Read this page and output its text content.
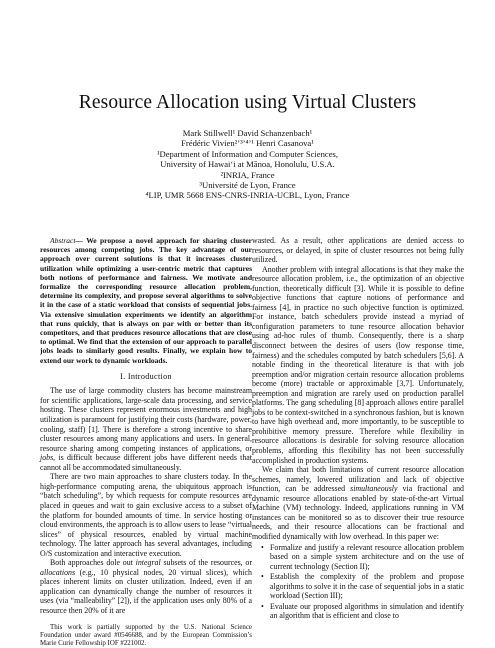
Resource Allocation using Virtual Clusters
Mark Stillwell¹ David Schanzenbach¹
Frédéric Vivien²ʼ³ʼ⁴ʼ¹ Henri Casanova¹
¹Department of Information and Computer Sciences,
University of Hawai‘i at Mānoa, Honolulu, U.S.A.
²INRIA, France
³Université de Lyon, France
⁴LIP, UMR 5668 ENS-CNRS-INRIA-UCBL, Lyon, France

Abstract— We propose a novel approach for sharing cluster resources among competing jobs. The key advantage of our approach over current solutions is that it increases cluster utilization while optimizing a user-centric metric that captures both notions of performance and fairness. We motivate and formalize the corresponding resource allocation problem, determine its complexity, and propose several algorithms to solve it in the case of a static workload that consists of sequential jobs. Via extensive simulation experiments we identify an algorithm that runs quickly, that is always on par with or better than its competitors, and that produces resource allocations that are close to optimal. We find that the extension of our approach to parallel jobs leads to similarly good results. Finally, we explain how to extend our work to dynamic workloads.

I. Introduction

The use of large commodity clusters has become mainstream for scientific applications, large-scale data processing, and service hosting. These clusters represent enormous investments and high utilization is paramount for justifying their costs (hardware, power, cooling, staff) [1]. There is therefore a strong incentive to share cluster resources among many applications and users. In general, resource sharing among competing instances of applications, or jobs, is difficult because different jobs have different needs that cannot all be accommodated simultaneously.

There are two main approaches to share clusters today. In the high-performance computing arena, the ubiquitous approach is “batch scheduling”, by which requests for compute resources are placed in queues and wait to gain exclusive access to a subset of the platform for bounded amounts of time. In service hosting or cloud environments, the approach is to allow users to lease “virtual slices” of physical resources, enabled by virtual machine technology. The latter approach has several advantages, including O/S customization and interactive execution.

Both approaches dole out integral subsets of the resources, or allocations (e.g., 10 physical nodes, 20 virtual slices), which places inherent limits on cluster utilization. Indeed, even if an application can dynamically change the number of resources it uses (via “malleability” [2]), if the application uses only 80% of a resource then 20% of it are

This work is partially supported by the U.S. National Science Foundation under award #0546688, and by the European Commission’s Marie Curie Fellowship IOF #221002.

wasted. As a result, other applications are denied access to resources, or delayed, in spite of cluster resources not being fully utilized.

Another problem with integral allocations is that they make the resource allocation problem, i.e., the optimization of an objective function, theoretically difficult [3]. While it is possible to define objective functions that capture notions of performance and fairness [4], in practice no such objective function is optimized. For instance, batch schedulers provide instead a myriad of configuration parameters to tune resource allocation behavior using ad-hoc rules of thumb. Consequently, there is a sharp disconnect between the desires of users (low response time, fairness) and the schedules computed by batch schedulers [5,6]. A notable finding in the theoretical literature is that with job preemption and/or migration certain resource allocation problems become (more) tractable or approximable [3,7]. Unfortunately, preemption and migration are rarely used on production parallel platforms. The gang scheduling [8] approach allows entire parallel jobs to be context-switched in a synchronous fashion, but is known to have high overhead and, more importantly, to be susceptible to prohibitive memory pressure. Therefore while flexibility in resource allocations is desirable for solving resource allocation problems, affording this flexibility has not been successfully accomplished in production systems.

We claim that both limitations of current resource allocation schemes, namely, lowered utilization and lack of objective function, can be addressed simultaneously via fractional and dynamic resource allocations enabled by state-of-the-art Virtual Machine (VM) technology. Indeed, applications running in VM instances can be monitored so as to discover their true resource needs, and their resource allocations can be fractional and modified dynamically with low overhead. In this paper we:

• Formalize and justify a relevant resource allocation problem based on a simple system architecture and on the use of current technology (Section II);
• Establish the complexity of the problem and propose algorithms to solve it in the case of sequential jobs in a static workload (Section III);
• Evaluate our proposed algorithms in simulation and identify an algorithm that is efficient and close to
